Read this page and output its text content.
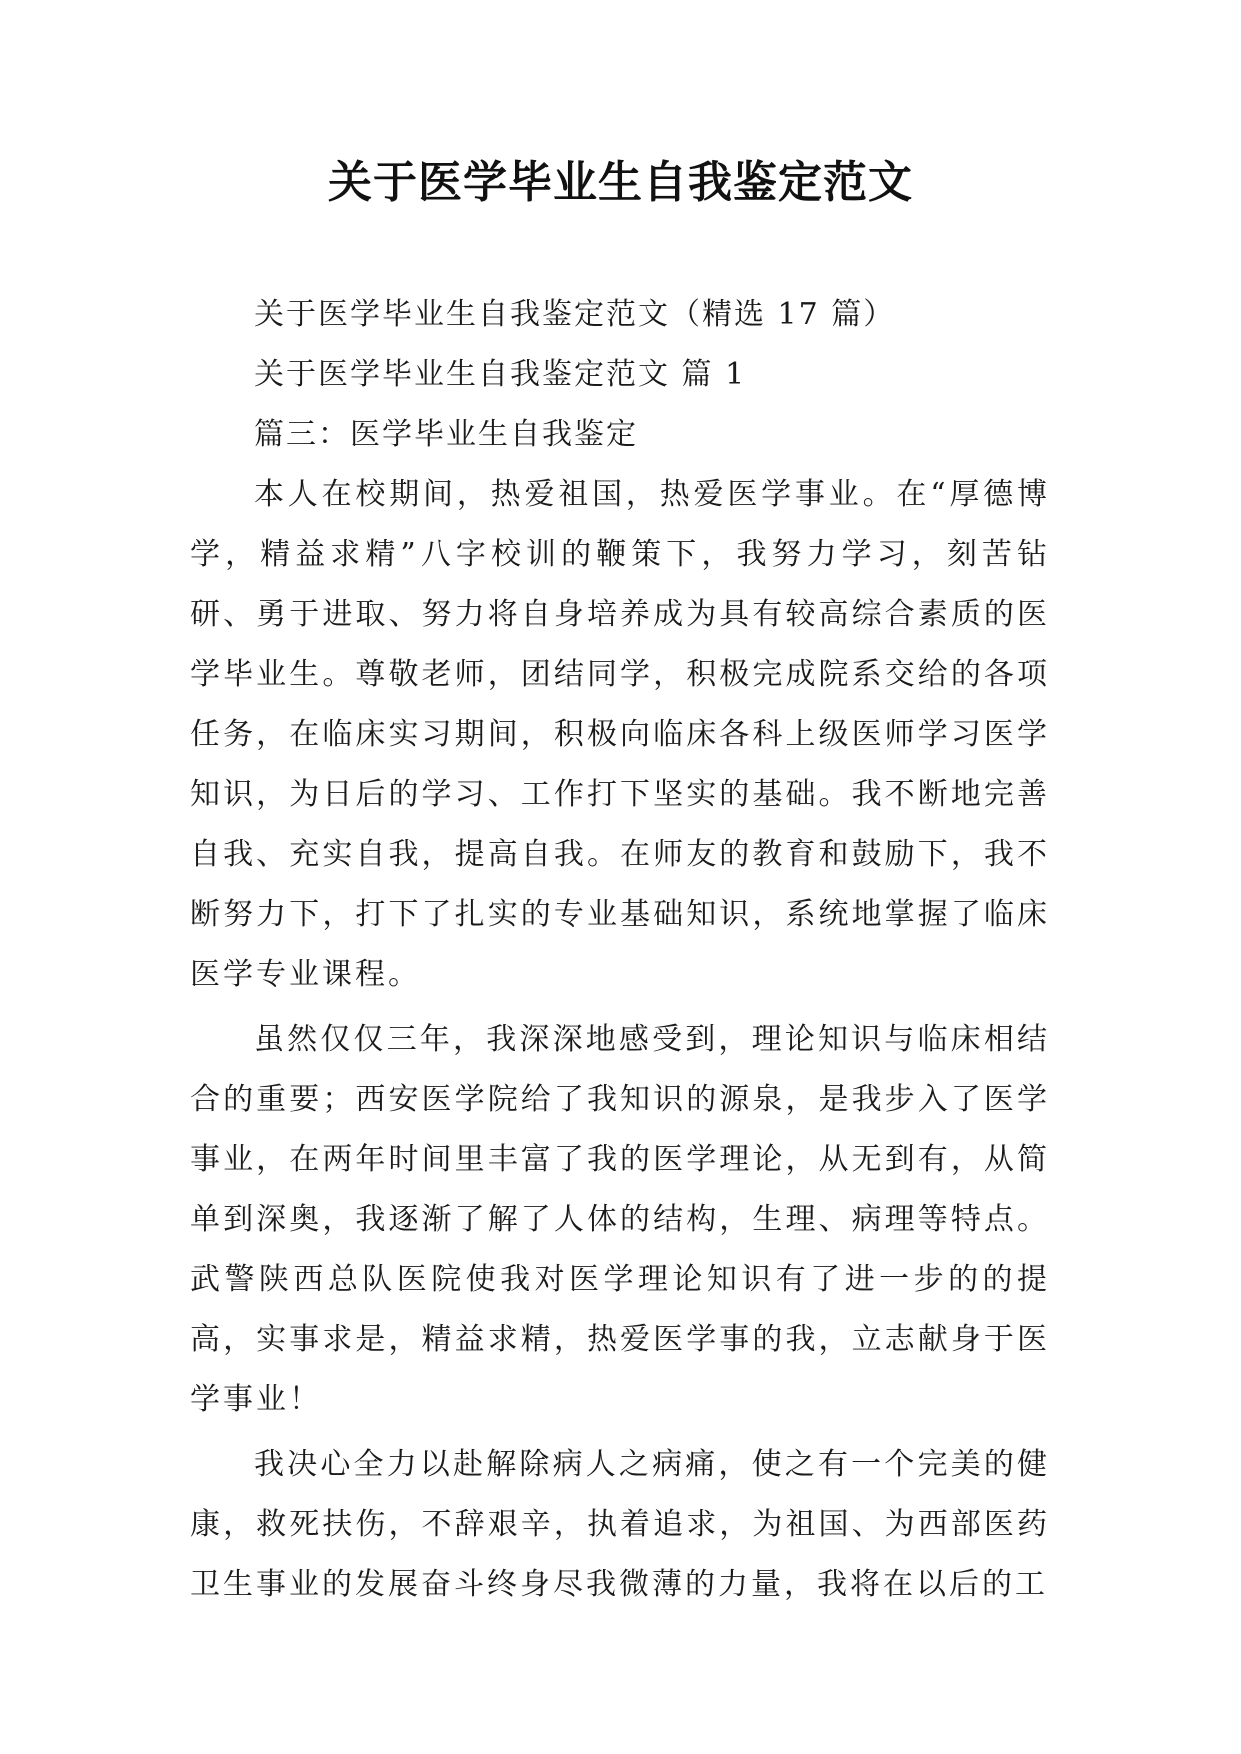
关于医学毕业生自我鉴定范文

关于医学毕业生自我鉴定范文（精选 17 篇）

关于医学毕业生自我鉴定范文 篇 1

篇三：医学毕业生自我鉴定

本人在校期间，热爱祖国，热爱医学事业。在“厚德博学，精益求精”八字校训的鞭策下，我努力学习，刻苦钻研、勇于进取、努力将自身培养成为具有较高综合素质的医学毕业生。尊敬老师，团结同学，积极完成院系交给的各项任务，在临床实习期间，积极向临床各科上级医师学习医学知识，为日后的学习、工作打下坚实的基础。我不断地完善自我、充实自我，提高自我。在师友的教育和鼓励下，我不断努力下，打下了扎实的专业基础知识，系统地掌握了临床医学专业课程。

虽然仅仅三年，我深深地感受到，理论知识与临床相结合的重要；西安医学院给了我知识的源泉，是我步入了医学事业，在两年时间里丰富了我的医学理论，从无到有，从简单到深奥，我逐渐了解了人体的结构，生理、病理等特点。武警陕西总队医院使我对医学理论知识有了进一步的的提高，实事求是，精益求精，热爱医学事的我，立志献身于医学事业！

我决心全力以赴解除病人之病痛，使之有一个完美的健康，救死扶伤，不辞艰辛，执着追求，为祖国、为西部医药卫生事业的发展奋斗终身尽我微薄的力量，我将在以后的工
